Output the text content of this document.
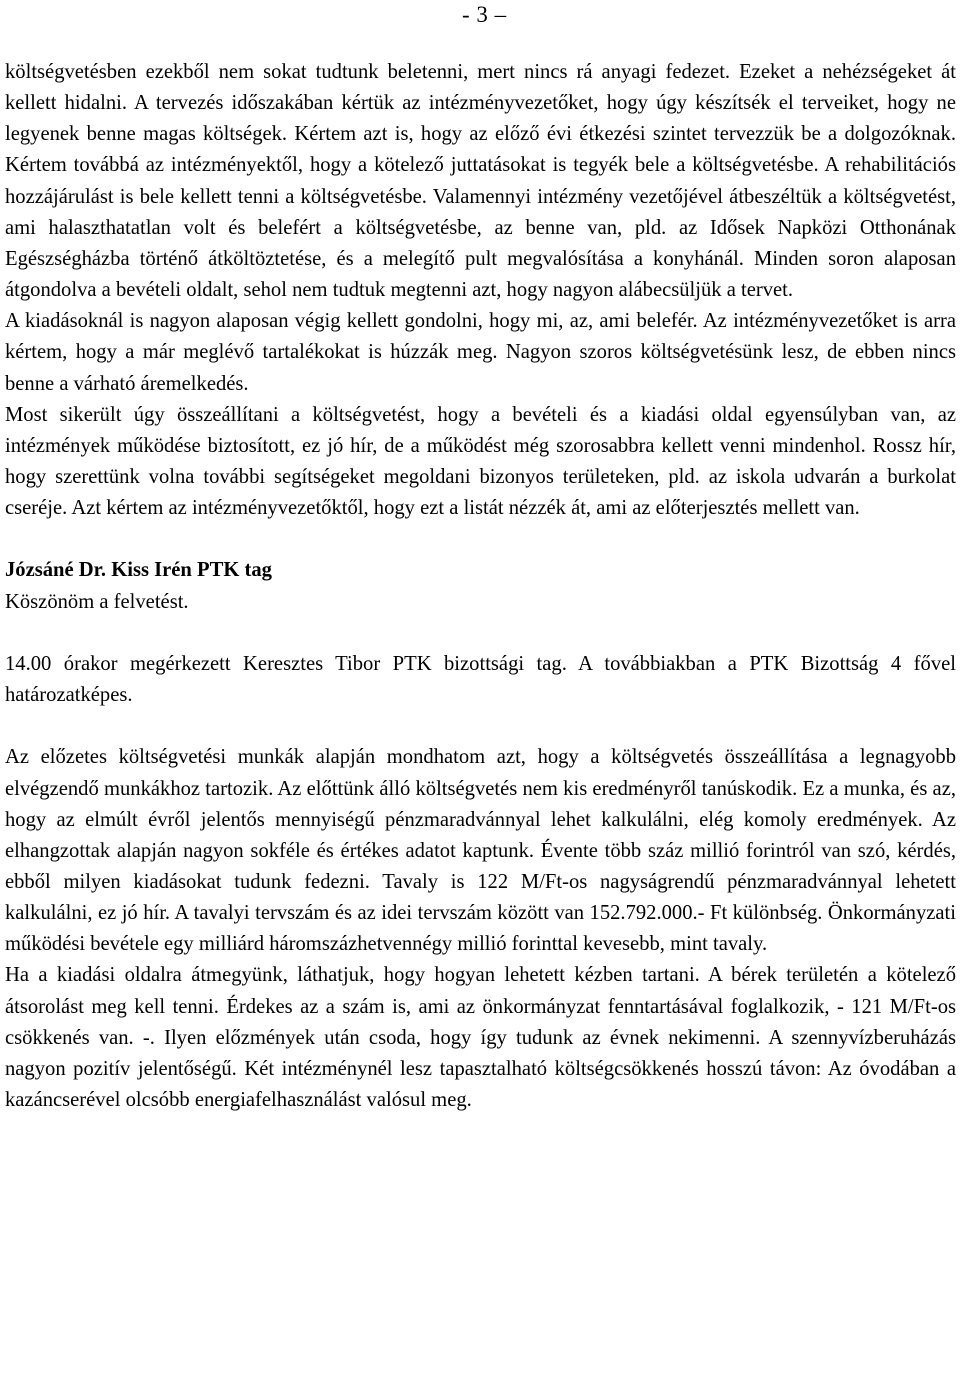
- 3 –

költségvetésben ezekből nem sokat tudtunk beletenni, mert nincs rá anyagi fedezet. Ezeket a nehézségeket át kellett hidalni. A tervezés időszakában kértük az intézményvezetőket, hogy úgy készítsék el terveiket, hogy ne legyenek benne magas költségek. Kértem azt is, hogy az előző évi étkezési szintet tervezzük be a dolgozóknak. Kértem továbbá az intézményektől, hogy a kötelező juttatásokat is tegyék bele a költségvetésbe. A rehabilitációs hozzájárulást is bele kellett tenni a költségvetésbe. Valamennyi intézmény vezetőjével átbeszéltük a költségvetést, ami halaszthatatlan volt és belefért a költségvetésbe, az benne van, pld. az Idősek Napközi Otthonának Egészségházba történő átköltöztetése, és a melegítő pult megvalósítása a konyhánál. Minden soron alaposan átgondolva a bevételi oldalt, sehol nem tudtuk megtenni azt, hogy nagyon alábecsüljük a tervet.

A kiadásoknál is nagyon alaposan végig kellett gondolni, hogy mi, az, ami belefér. Az intézményvezetőket is arra kértem, hogy a már meglévő tartalékokat is húzzák meg. Nagyon szoros költségvetésünk lesz, de ebben nincs benne a várható áremelkedés.

Most sikerült úgy összeállítani a költségvetést, hogy a bevételi és a kiadási oldal egyensúlyban van, az intézmények működése biztosított, ez jó hír, de a működést még szorosabbra kellett venni mindenhol. Rossz hír, hogy szerettünk volna további segítségeket megoldani bizonyos területeken, pld. az iskola udvarán a burkolat cseréje. Azt kértem az intézményvezetőktől, hogy ezt a listát nézzék át, ami az előterjesztés mellett van.

Józsáné Dr. Kiss Irén PTK tag

Köszönöm a felvetést.

14.00 órakor megérkezett Keresztes Tibor PTK bizottsági tag. A továbbiakban a PTK Bizottság 4 fővel határozatképes.

Az előzetes költségvetési munkák alapján mondhatom azt, hogy a költségvetés összeállítása a legnagyobb elvégzendő munkákhoz tartozik. Az előttünk álló költségvetés nem kis eredményről tanúskodik. Ez a munka, és az, hogy az elmúlt évről jelentős mennyiségű pénzmaradvánnyal lehet kalkulálni, elég komoly eredmények. Az elhangzottak alapján nagyon sokféle és értékes adatot kaptunk. Évente több száz millió forintról van szó, kérdés, ebből milyen kiadásokat tudunk fedezni. Tavaly is 122 M/Ft-os nagyságrendű pénzmaradvánnyal lehetett kalkulálni, ez jó hír. A tavalyi tervszám és az idei tervszám között van 152.792.000.- Ft különbség. Önkormányzati működési bevétele egy milliárd háromszázhetvennégy millió forinttal kevesebb, mint tavaly.

Ha a kiadási oldalra átmegyünk, láthatjuk, hogy hogyan lehetett kézben tartani. A bérek területén a kötelező átsorolást meg kell tenni. Érdekes az a szám is, ami az önkormányzat fenntartásával foglalkozik, - 121 M/Ft-os csökkenés van. -. Ilyen előzmények után csoda, hogy így tudunk az évnek nekimenni. A szennyvízberuházás nagyon pozitív jelentőségű. Két intézménynél lesz tapasztalható költségcsökkenés hosszú távon: Az óvodában a kazáncserével olcsóbb energiafelhasználást valósul meg.
